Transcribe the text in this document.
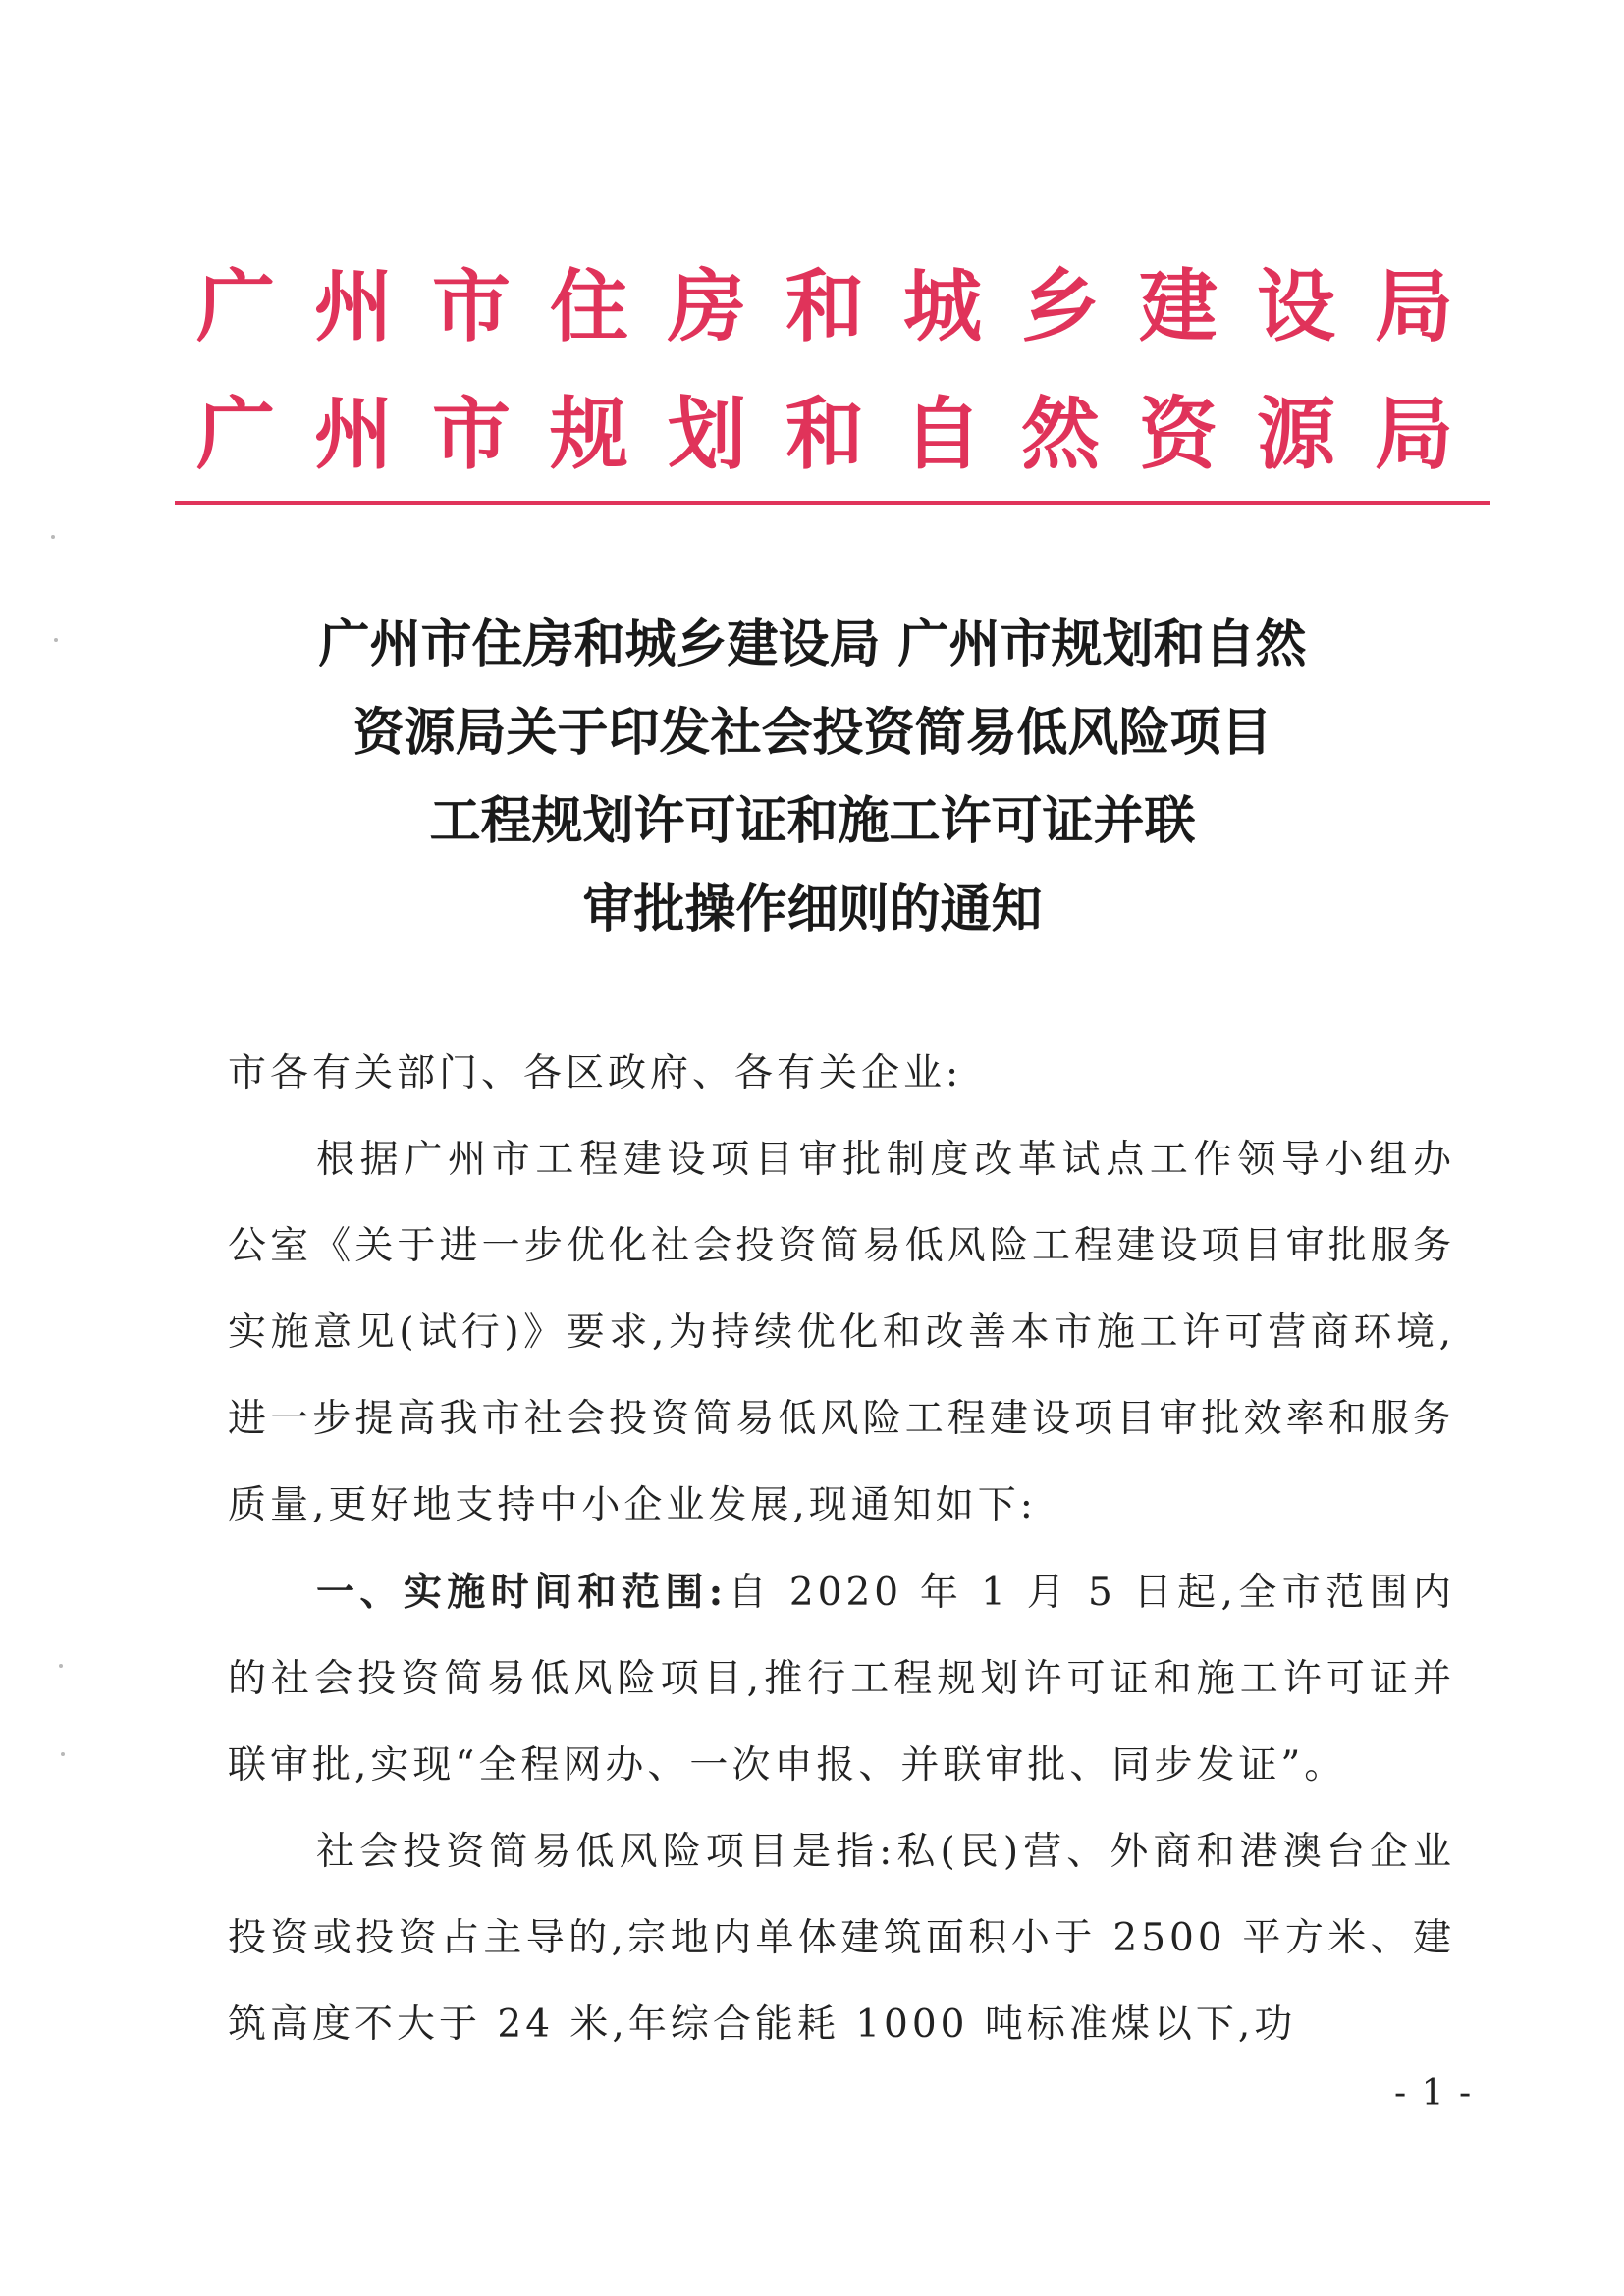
广 州 市 住 房 和 城 乡 建 设 局
广 州 市 规 划 和 自 然 资 源 局
广州市住房和城乡建设局 广州市规划和自然
资源局关于印发社会投资简易低风险项目
工程规划许可证和施工许可证并联
审批操作细则的通知

市各有关部门、各区政府、各有关企业:

根据广州市工程建设项目审批制度改革试点工作领导小组办公室《关于进一步优化社会投资简易低风险工程建设项目审批服务实施意见(试行)》要求,为持续优化和改善本市施工许可营商环境,进一步提高我市社会投资简易低风险工程建设项目审批效率和服务质量,更好地支持中小企业发展,现通知如下:

一、实施时间和范围:自 2020 年 1 月 5 日起,全市范围内的社会投资简易低风险项目,推行工程规划许可证和施工许可证并联审批,实现“全程网办、一次申报、并联审批、同步发证”。

社会投资简易低风险项目是指:私(民)营、外商和港澳台企业投资或投资占主导的,宗地内单体建筑面积小于 2500 平方米、建筑高度不大于 24 米,年综合能耗 1000 吨标准煤以下,功

- 1 -
